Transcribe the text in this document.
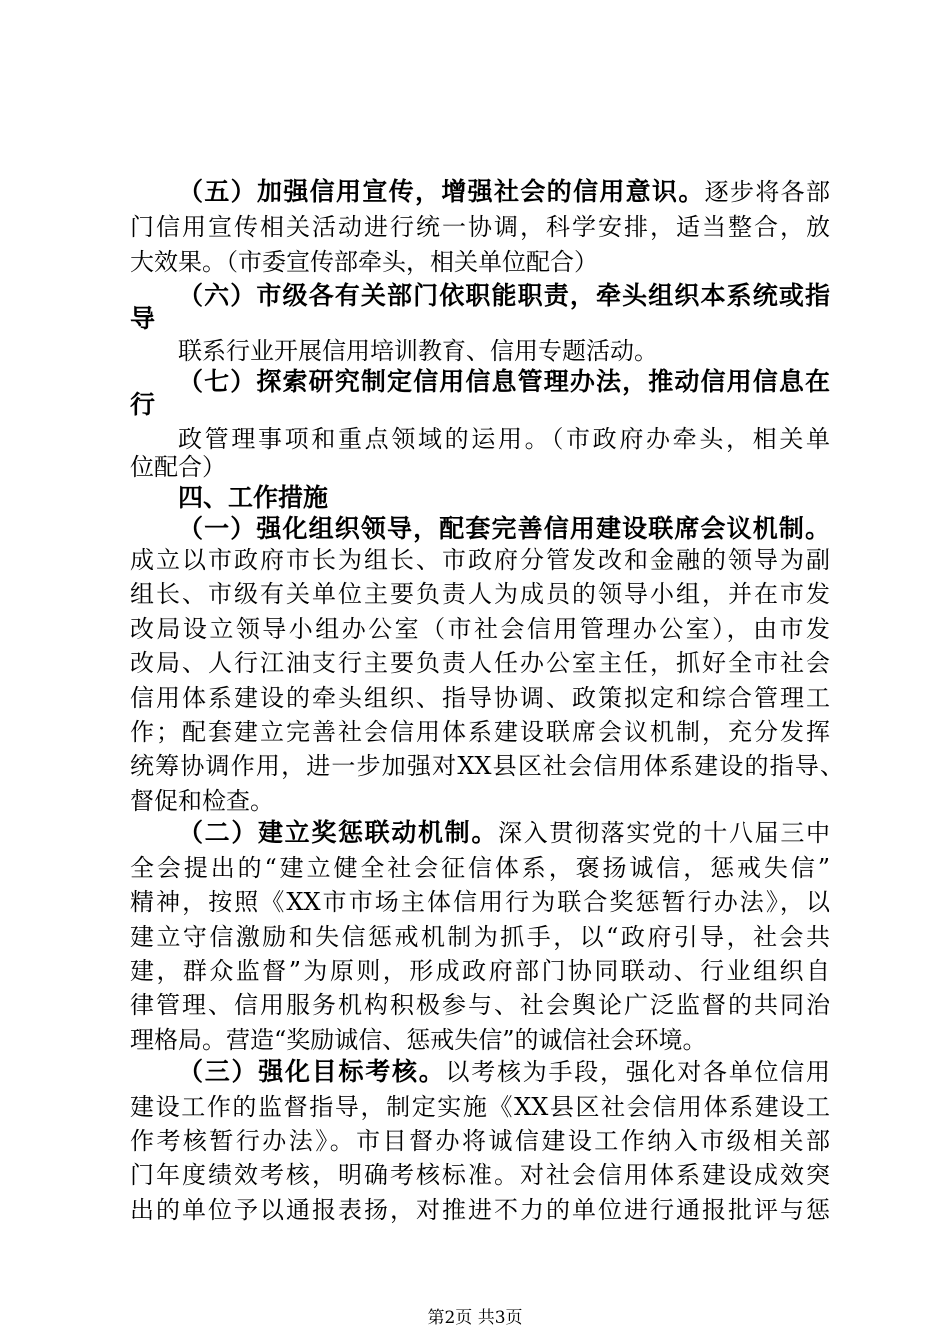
（五）加强信用宣传，增强社会的信用意识。逐步将各部
门信用宣传相关活动进行统一协调，科学安排，适当整合，放
大效果。（市委宣传部牵头，相关单位配合）
（六）市级各有关部门依职能职责，牵头组织本系统或指
导
联系行业开展信用培训教育、信用专题活动。
（七）探索研究制定信用信息管理办法，推动信用信息在
行
政管理事项和重点领域的运用。（市政府办牵头，相关单
位配合）
四、工作措施
（一）强化组织领导，配套完善信用建设联席会议机制。
成立以市政府市长为组长、市政府分管发改和金融的领导为副
组长、市级有关单位主要负责人为成员的领导小组，并在市发
改局设立领导小组办公室（市社会信用管理办公室），由市发
改局、人行江油支行主要负责人任办公室主任，抓好全市社会
信用体系建设的牵头组织、指导协调、政策拟定和综合管理工
作；配套建立完善社会信用体系建设联席会议机制，充分发挥
统筹协调作用，进一步加强对XX县区社会信用体系建设的指导、
督促和检查。
（二）建立奖惩联动机制。深入贯彻落实党的十八届三中
全会提出的“建立健全社会征信体系，褒扬诚信，惩戒失信”
精神，按照《XX市市场主体信用行为联合奖惩暂行办法》，以
建立守信激励和失信惩戒机制为抓手，以“政府引导，社会共
建，群众监督”为原则，形成政府部门协同联动、行业组织自
律管理、信用服务机构积极参与、社会舆论广泛监督的共同治
理格局。营造“奖励诚信、惩戒失信”的诚信社会环境。
（三）强化目标考核。以考核为手段，强化对各单位信用
建设工作的监督指导，制定实施《XX县区社会信用体系建设工
作考核暂行办法》。市目督办将诚信建设工作纳入市级相关部
门年度绩效考核，明确考核标准。对社会信用体系建设成效突
出的单位予以通报表扬，对推进不力的单位进行通报批评与惩
第2页 共3页
